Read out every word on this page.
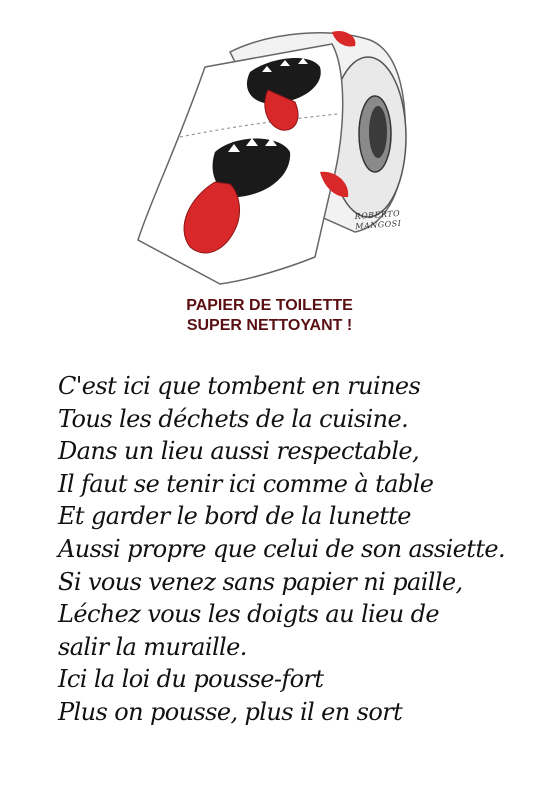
ROBERTO
MANGOSI
PAPIER DE TOILETTE
SUPER NETTOYANT !
C'est ici que tombent en ruines
Tous les déchets de la cuisine.
Dans un lieu aussi respectable,
Il faut se tenir ici comme à table
Et garder le bord de la lunette
Aussi propre que celui de son assiette.
Si vous venez sans papier ni paille,
Léchez vous les doigts au lieu de
salir la muraille.
Ici la loi du pousse-fort
Plus on pousse, plus il en sort
